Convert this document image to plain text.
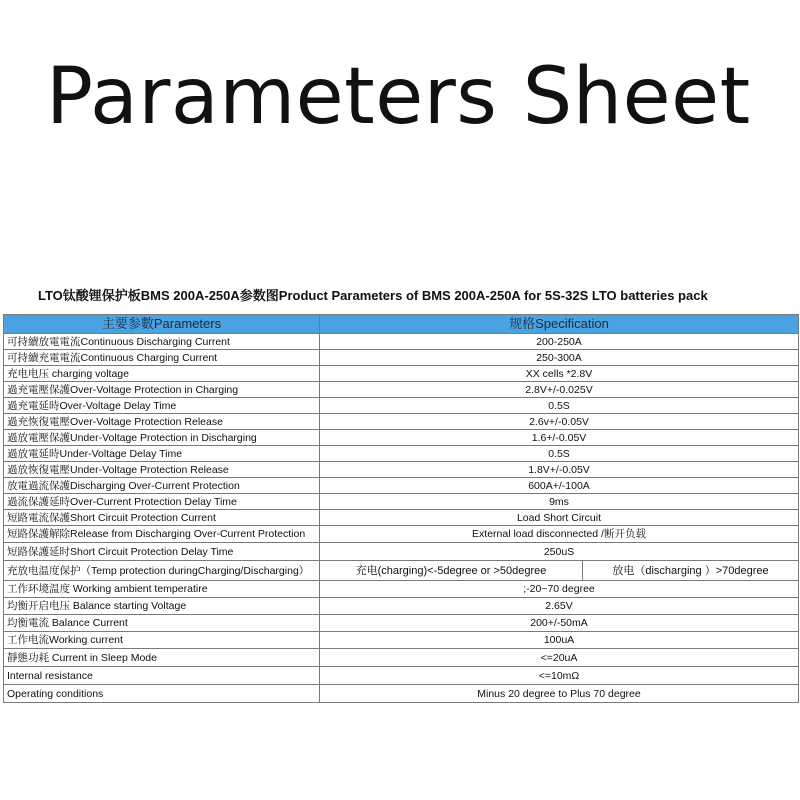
Parameters Sheet
LTO钛酸锂保护板BMS 200A-250A参数图Product Parameters of BMS 200A-250A for 5S-32S LTO batteries pack
主要参數Parameters	规格Specification	
可持續放電電流Continuous Discharging Current	200-250A	
可持續充電電流Continuous Charging Current	250-300A	
充电电压 charging voltage	XX cells *2.8V	
過充電壓保護Over-Voltage Protection in Charging	2.8V+/-0.025V	
過充電延時Over-Voltage Delay Time	0.5S	
過充恢復電壓Over-Voltage Protection Release	2.6v+/-0.05V	
過放電壓保護Under-Voltage Protection in Discharging	1.6+/-0.05V	
過放電延時Under-Voltage Delay Time	0.5S	
過放恢復電壓Under-Voltage Protection Release	1.8V+/-0.05V	
放電過流保護Discharging Over-Current Protection	600A+/-100A	
過流保護延時Over-Current Protection Delay Time	9ms	
短路電流保護Short Circuit Protection Current	Load Short Circuit	
短路保護解除Release from Discharging Over-Current Protection	External load disconnected /断开负载	
短路保護延时Short Circuit Protection Delay Time	250uS	
充放电温度保护（Temp protection duringCharging/Discharging）	充电(charging)<-5degree or >50degree	放电（discharging ）>70degree
工作环境温度 Working ambient temperatire	;-20~70 degree	
均衡开启电压 Balance starting Voltage	2.65V	
均衡電流 Balance Current	200+/-50mA	
工作电流Working current	100uA	
靜態功耗 Current in Sleep Mode	<=20uA	
Internal resistance	<=10mΩ	
Operating conditions	Minus 20 degree to Plus 70 degree	
